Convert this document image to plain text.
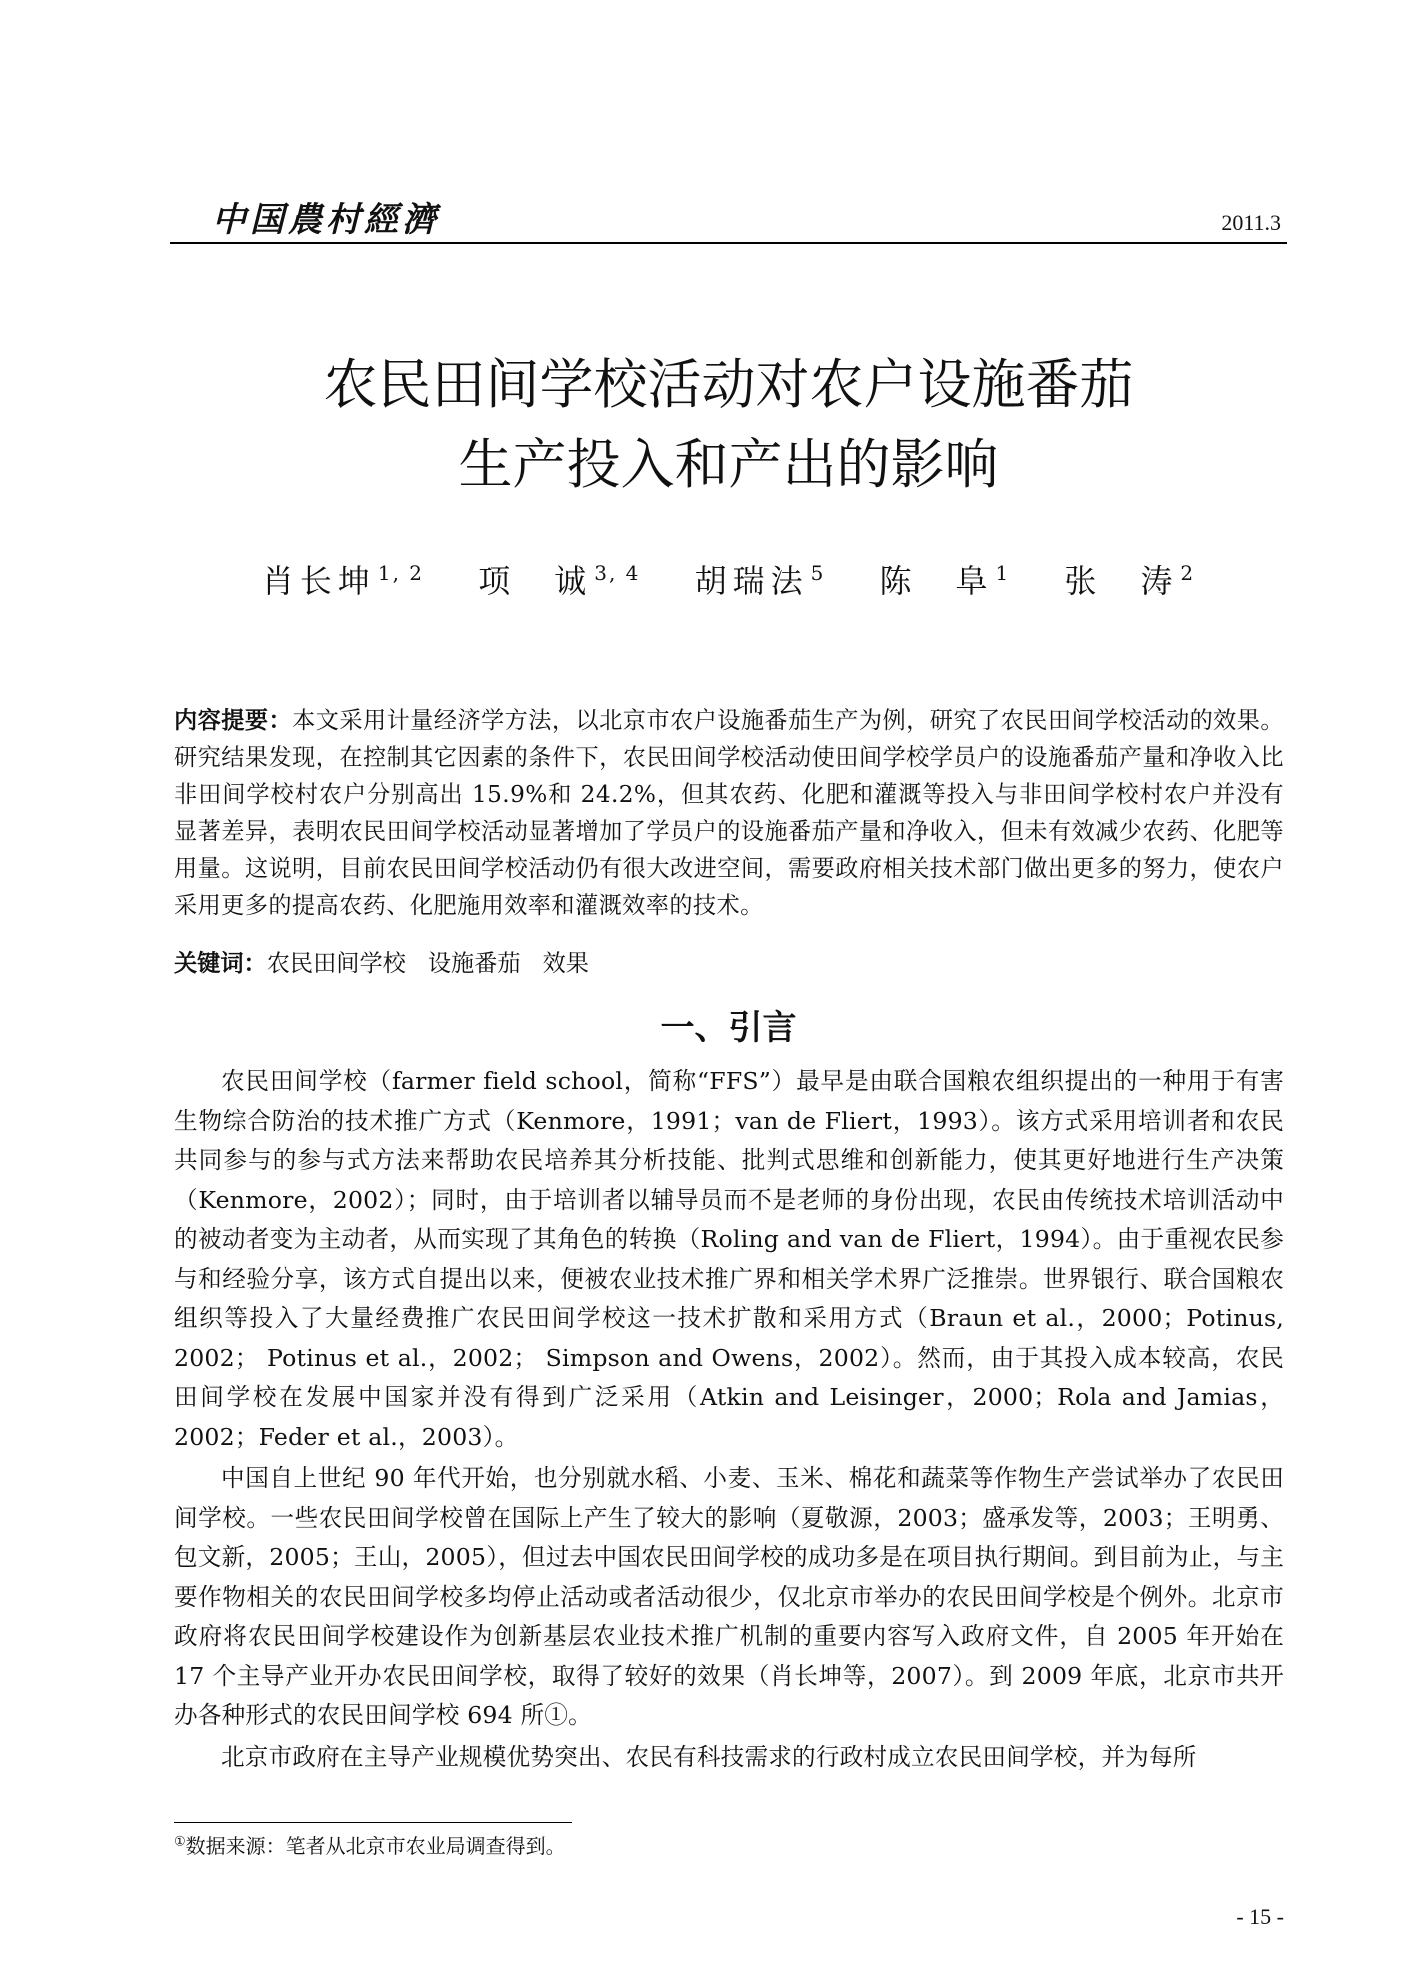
中国農村經濟	2011.3
农民田间学校活动对农户设施番茄
生产投入和产出的影响
肖长坤 $^{1, 2}$ 项　诚 $^{3, 4}$ 胡瑞法 $^5$ 陈　阜 $^1$ 张　涛 $^2$
内容提要：本文采用计量经济学方法，以北京市农户设施番茄生产为例，研究了农民田间学校活动的效果。研究结果发现，在控制其它因素的条件下，农民田间学校活动使田间学校学员户的设施番茄产量和净收入比非田间学校村农户分别高出 15.9%和 24.2%，但其农药、化肥和灌溉等投入与非田间学校村农户并没有显著差异，表明农民田间学校活动显著增加了学员户的设施番茄产量和净收入，但未有效减少农药、化肥等用量。这说明，目前农民田间学校活动仍有很大改进空间，需要政府相关技术部门做出更多的努力，使农户采用更多的提高农药、化肥施用效率和灌溉效率的技术。
关键词：农民田间学校 设施番茄 效果
一、引言

农民田间学校（farmer field school，简称“FFS”）最早是由联合国粮农组织提出的一种用于有害生物综合防治的技术推广方式（Kenmore，1991；van de Fliert，1993）。该方式采用培训者和农民共同参与的参与式方法来帮助农民培养其分析技能、批判式思维和创新能力，使其更好地进行生产决策（Kenmore，2002）；同时，由于培训者以辅导员而不是老师的身份出现，农民由传统技术培训活动中的被动者变为主动者，从而实现了其角色的转换（Roling and van de Fliert，1994）。由于重视农民参与和经验分享，该方式自提出以来，便被农业技术推广界和相关学术界广泛推崇。世界银行、联合国粮农组织等投入了大量经费推广农民田间学校这一技术扩散和采用方式（Braun et al.，2000；Potinus, 2002； Potinus et al.，2002； Simpson and Owens，2002）。然而，由于其投入成本较高，农民田间学校在发展中国家并没有得到广泛采用（Atkin and Leisinger，2000；Rola and Jamias，2002；Feder et al.，2003）。

中国自上世纪 90 年代开始，也分别就水稻、小麦、玉米、棉花和蔬菜等作物生产尝试举办了农民田间学校。一些农民田间学校曾在国际上产生了较大的影响（夏敬源，2003；盛承发等，2003；王明勇、包文新，2005；王山，2005），但过去中国农民田间学校的成功多是在项目执行期间。到目前为止，与主要作物相关的农民田间学校多均停止活动或者活动很少，仅北京市举办的农民田间学校是个例外。北京市政府将农民田间学校建设作为创新基层农业技术推广机制的重要内容写入政府文件，自 2005 年开始在 17 个主导产业开办农民田间学校，取得了较好的效果（肖长坤等，2007）。到 2009 年底，北京市共开办各种形式的农民田间学校 694 所①。

北京市政府在主导产业规模优势突出、农民有科技需求的行政村成立农民田间学校，并为每所

①数据来源：笔者从北京市农业局调查得到。
- 15 -
